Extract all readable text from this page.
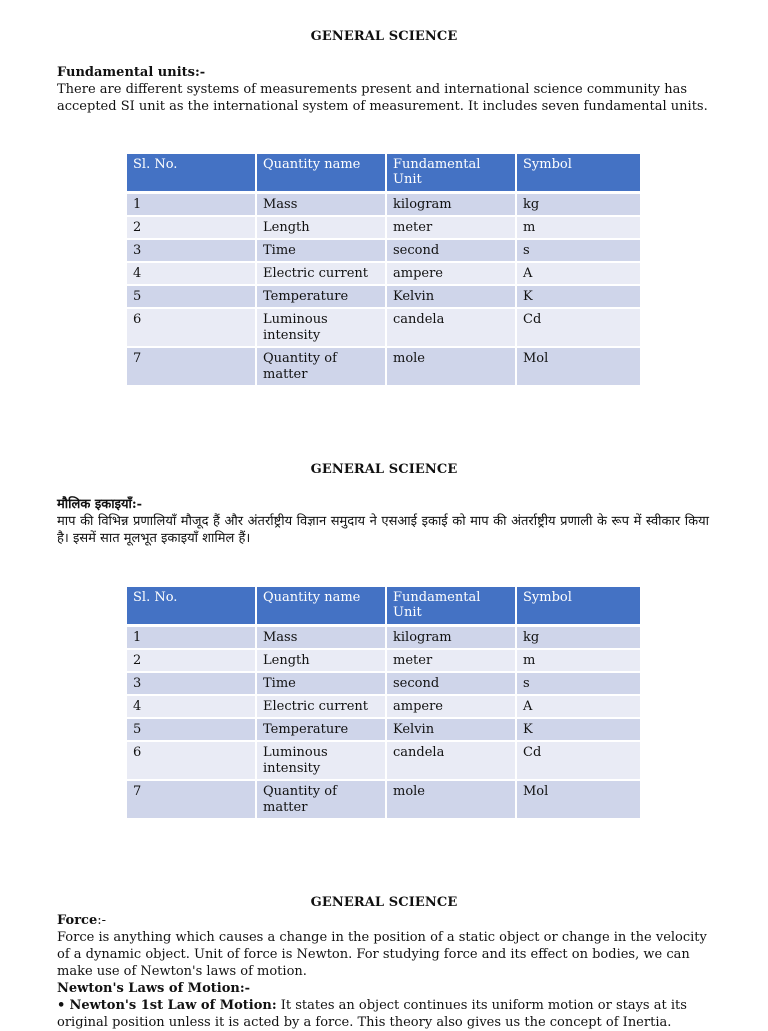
GENERAL SCIENCE
Fundamental units:-

There are different systems of measurements present and international science community has accepted SI unit as the international system of measurement. It includes seven fundamental units.

Sl. No.	Quantity name	Fundamental Unit	Symbol
1	Mass	kilogram	kg
2	Length	meter	m
3	Time	second	s
4	Electric current	ampere	A
5	Temperature	Kelvin	K
6	Luminous intensity	candela	Cd
7	Quantity of matter	mole	Mol
GENERAL SCIENCE
मौलिक इकाइयाँ:-

माप की विभिन्न प्रणालियाँ मौजूद हैं और अंतर्राष्ट्रीय विज्ञान समुदाय ने एसआई इकाई को माप की अंतर्राष्ट्रीय प्रणाली के रूप में स्वीकार किया है। इसमें सात मूलभूत इकाइयाँ शामिल हैं।

Sl. No.	Quantity name	Fundamental Unit	Symbol
1	Mass	kilogram	kg
2	Length	meter	m
3	Time	second	s
4	Electric current	ampere	A
5	Temperature	Kelvin	K
6	Luminous intensity	candela	Cd
7	Quantity of matter	mole	Mol
GENERAL SCIENCE
Force:-

Force is anything which causes a change in the position of a static object or change in the velocity of a dynamic object. Unit of force is Newton. For studying force and its effect on bodies, we can make use of Newton's laws of motion.

Newton's Laws of Motion:-
• Newton's 1st Law of Motion: It states an object continues its uniform motion or stays at its original position unless it is acted by a force. This theory also gives us the concept of Inertia.
